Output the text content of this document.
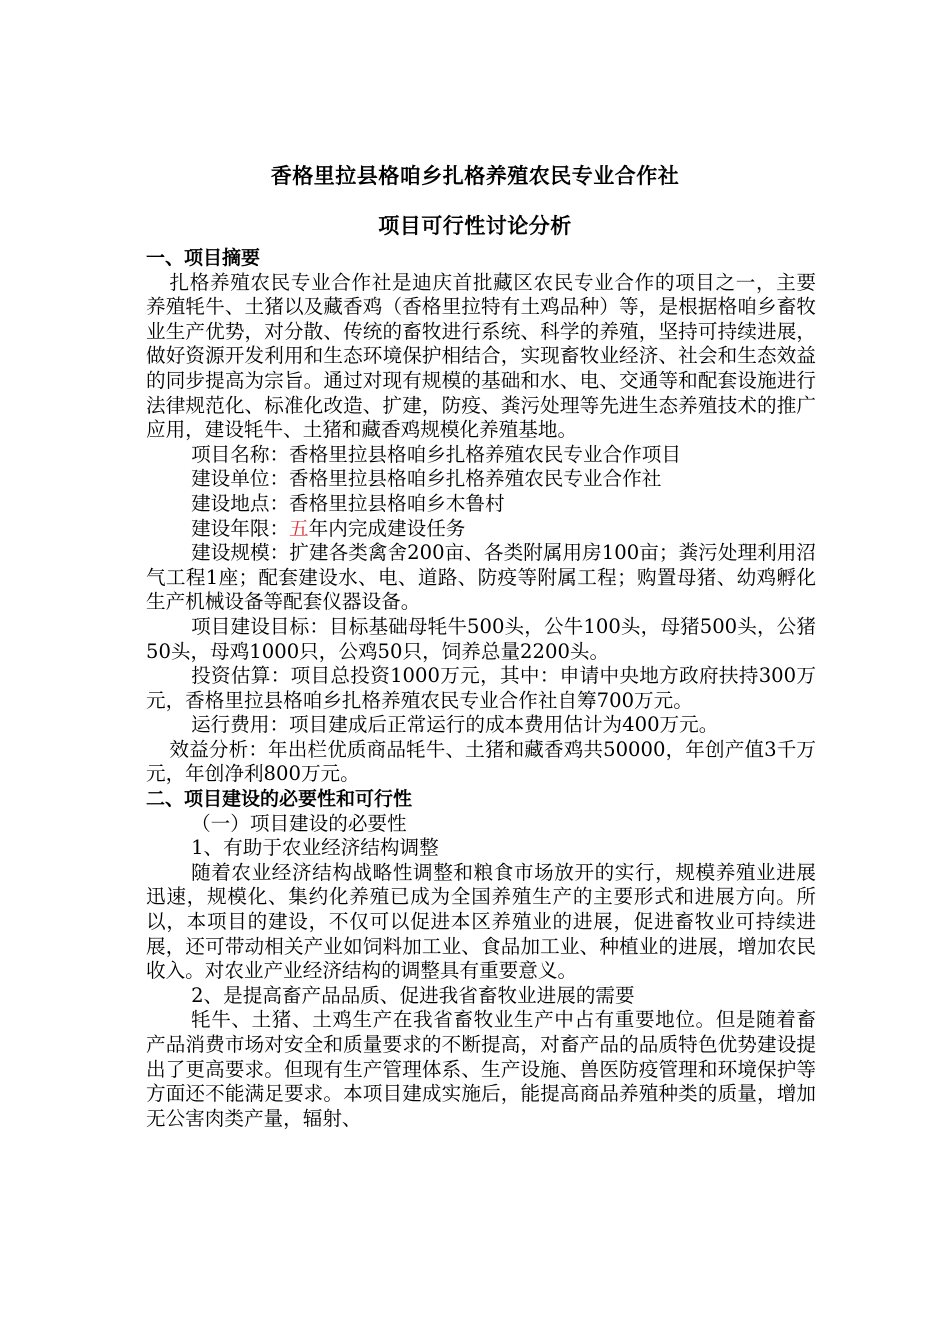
香格里拉县格咱乡扎格养殖农民专业合作社
项目可行性讨论分析

一、项目摘要

扎格养殖农民专业合作社是迪庆首批藏区农民专业合作的项目之一，主要养殖牦牛、土猪以及藏香鸡（香格里拉特有土鸡品种）等，是根据格咱乡畜牧业生产优势，对分散、传统的畜牧进行系统、科学的养殖，坚持可持续进展，做好资源开发利用和生态环境保护相结合，实现畜牧业经济、社会和生态效益的同步提高为宗旨。通过对现有规模的基础和水、电、交通等和配套设施进行法律规范化、标准化改造、扩建，防疫、粪污处理等先进生态养殖技术的推广应用，建设牦牛、土猪和藏香鸡规模化养殖基地。

项目名称：香格里拉县格咱乡扎格养殖农民专业合作项目

建设单位：香格里拉县格咱乡扎格养殖农民专业合作社

建设地点：香格里拉县格咱乡木鲁村

建设年限：五年内完成建设任务

建设规模：扩建各类禽舍200亩、各类附属用房100亩；粪污处理利用沼气工程1座；配套建设水、电、道路、防疫等附属工程；购置母猪、幼鸡孵化生产机械设备等配套仪器设备。

项目建设目标：目标基础母牦牛500头，公牛100头，母猪500头，公猪50头，母鸡1000只，公鸡50只，饲养总量2200头。

投资估算：项目总投资1000万元，其中：申请中央地方政府扶持300万元，香格里拉县格咱乡扎格养殖农民专业合作社自筹700万元。

运行费用：项目建成后正常运行的成本费用估计为400万元。

效益分析：年出栏优质商品牦牛、土猪和藏香鸡共50000，年创产值3千万元，年创净利800万元。

二、项目建设的必要性和可行性

（一）项目建设的必要性

1、有助于农业经济结构调整

随着农业经济结构战略性调整和粮食市场放开的实行，规模养殖业进展迅速，规模化、集约化养殖已成为全国养殖生产的主要形式和进展方向。所以，本项目的建设，不仅可以促进本区养殖业的进展，促进畜牧业可持续进展，还可带动相关产业如饲料加工业、食品加工业、种植业的进展，增加农民收入。对农业产业经济结构的调整具有重要意义。

2、是提高畜产品品质、促进我省畜牧业进展的需要

牦牛、土猪、土鸡生产在我省畜牧业生产中占有重要地位。但是随着畜产品消费市场对安全和质量要求的不断提高，对畜产品的品质特色优势建设提出了更高要求。但现有生产管理体系、生产设施、兽医防疫管理和环境保护等方面还不能满足要求。本项目建成实施后，能提高商品养殖种类的质量，增加无公害肉类产量，辐射、
